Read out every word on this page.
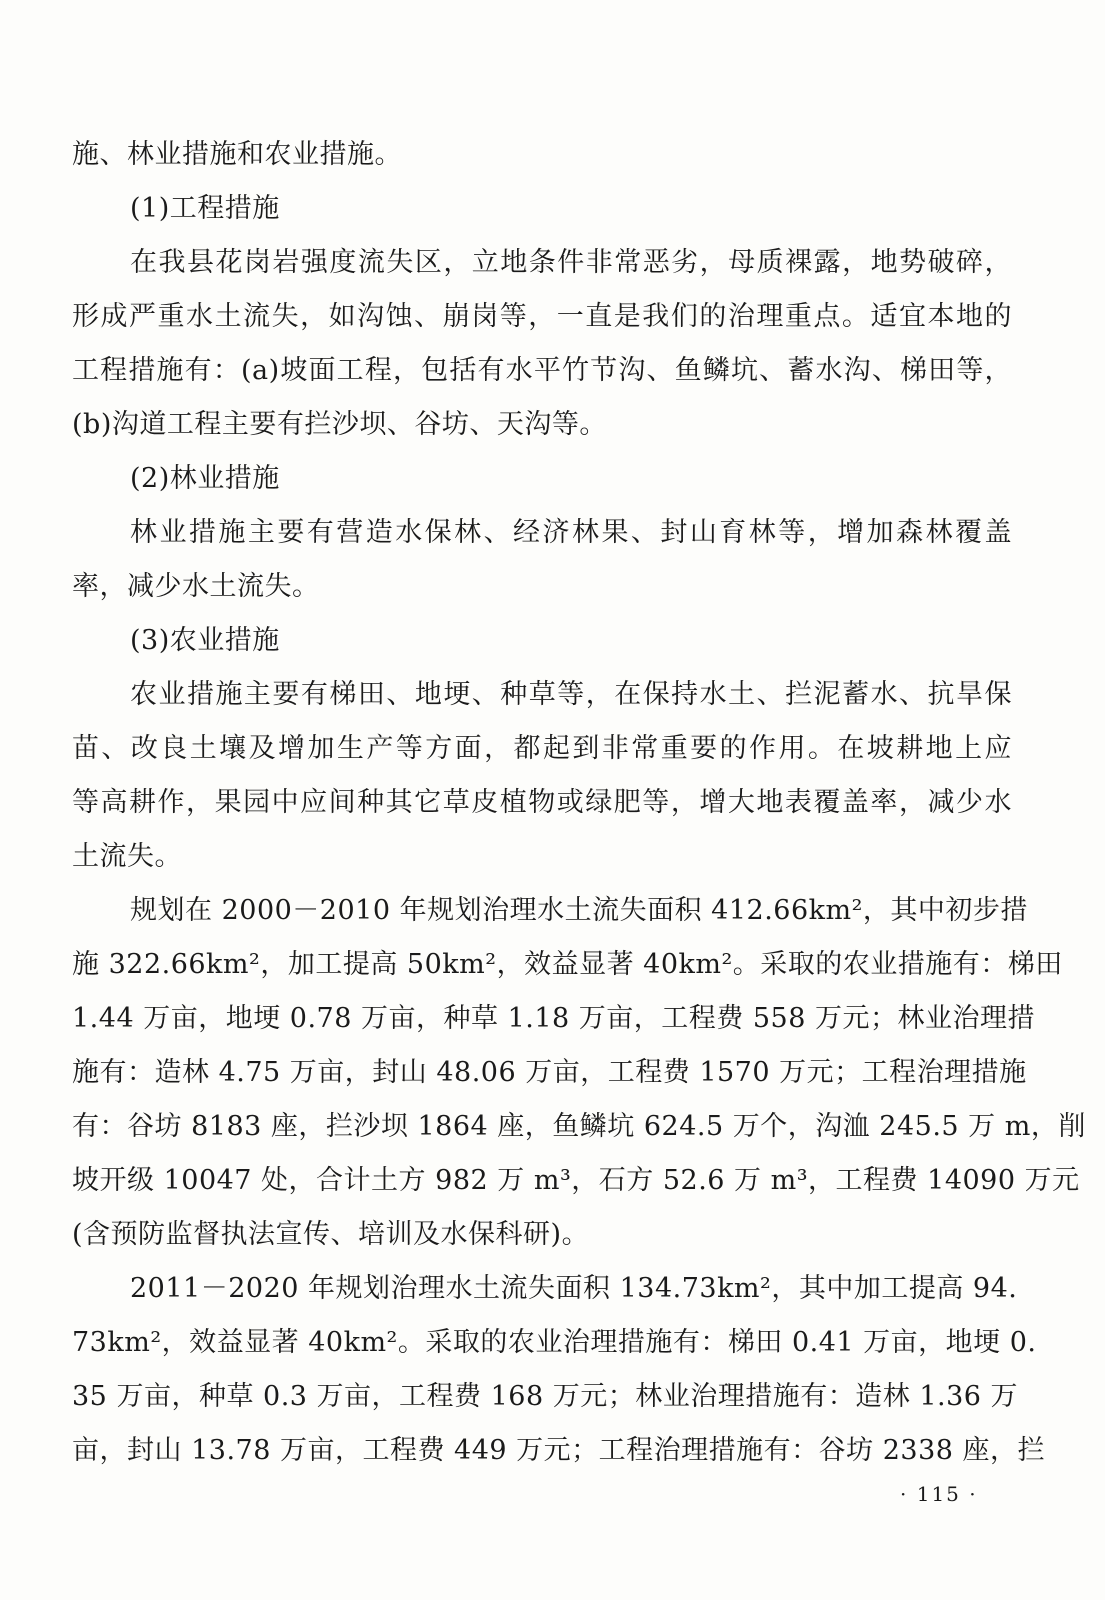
施、林业措施和农业措施。
(1)工程措施
在我县花岗岩强度流失区，立地条件非常恶劣，母质裸露，地势破碎，
形成严重水土流失，如沟蚀、崩岗等，一直是我们的治理重点。适宜本地的
工程措施有：(a)坡面工程，包括有水平竹节沟、鱼鳞坑、蓄水沟、梯田等，
(b)沟道工程主要有拦沙坝、谷坊、天沟等。
(2)林业措施
林业措施主要有营造水保林、经济林果、封山育林等，增加森林覆盖
率，减少水土流失。
(3)农业措施
农业措施主要有梯田、地埂、种草等，在保持水土、拦泥蓄水、抗旱保
苗、改良土壤及增加生产等方面，都起到非常重要的作用。在坡耕地上应
等高耕作，果园中应间种其它草皮植物或绿肥等，增大地表覆盖率，减少水
土流失。
规划在 2000－2010 年规划治理水土流失面积 412.66km²，其中初步措
施 322.66km²，加工提高 50km²，效益显著 40km²。采取的农业措施有：梯田
1.44 万亩，地埂 0.78 万亩，种草 1.18 万亩，工程费 558 万元；林业治理措
施有：造林 4.75 万亩，封山 48.06 万亩，工程费 1570 万元；工程治理措施
有：谷坊 8183 座，拦沙坝 1864 座，鱼鳞坑 624.5 万个，沟洫 245.5 万 m，削
坡开级 10047 处，合计土方 982 万 m³，石方 52.6 万 m³，工程费 14090 万元
(含预防监督执法宣传、培训及水保科研)。
2011－2020 年规划治理水土流失面积 134.73km²，其中加工提高 94.
73km²，效益显著 40km²。采取的农业治理措施有：梯田 0.41 万亩，地埂 0.
35 万亩，种草 0.3 万亩，工程费 168 万元；林业治理措施有：造林 1.36 万
亩，封山 13.78 万亩，工程费 449 万元；工程治理措施有：谷坊 2338 座，拦
· 115 ·
